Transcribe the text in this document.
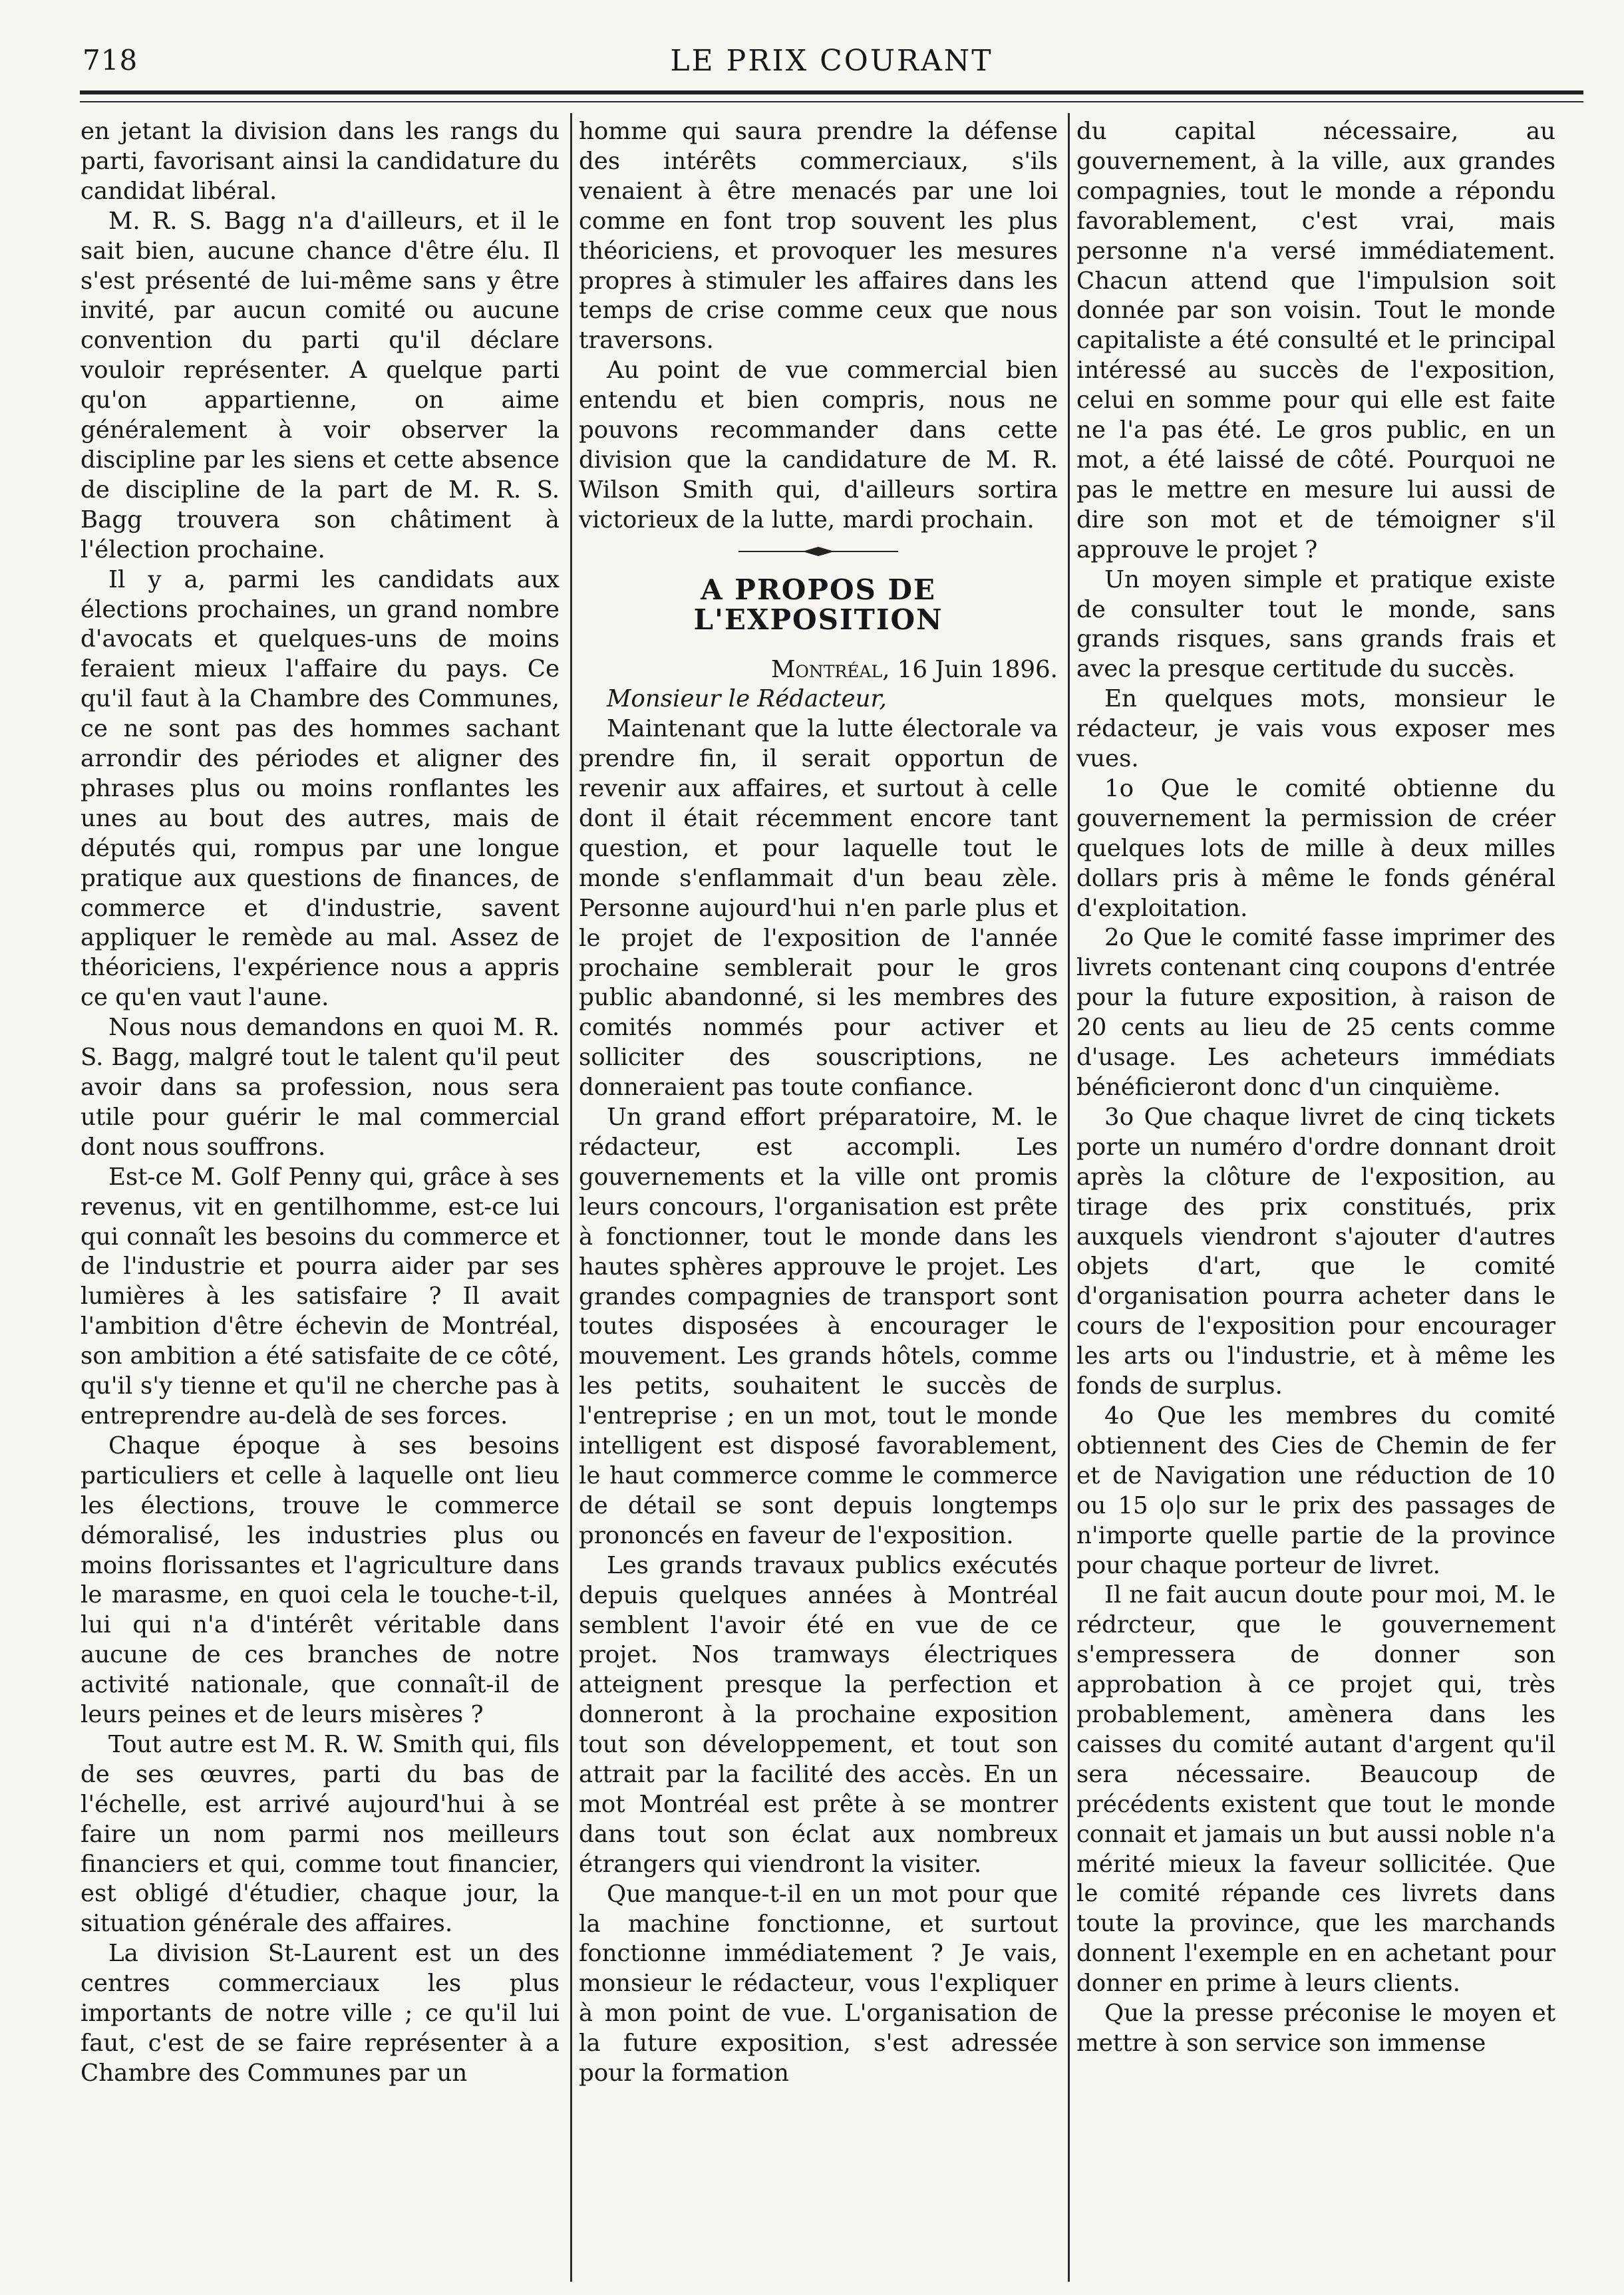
718	LE PRIX COURANT

en jetant la division dans les rangs du parti, favorisant ainsi la candidature du candidat libéral.

M. R. S. Bagg n'a d'ailleurs, et il le sait bien, aucune chance d'être élu. Il s'est présenté de lui-même sans y être invité, par aucun comité ou aucune convention du parti qu'il déclare vouloir représenter. A quelque parti qu'on appartienne, on aime généralement à voir observer la discipline par les siens et cette absence de discipline de la part de M. R. S. Bagg trouvera son châtiment à l'élection prochaine.

Il y a, parmi les candidats aux élections prochaines, un grand nombre d'avocats et quelques-uns de moins feraient mieux l'affaire du pays. Ce qu'il faut à la Chambre des Communes, ce ne sont pas des hommes sachant arrondir des périodes et aligner des phrases plus ou moins ronflantes les unes au bout des autres, mais de députés qui, rompus par une longue pratique aux questions de finances, de commerce et d'industrie, savent appliquer le remède au mal. Assez de théoriciens, l'expérience nous a appris ce qu'en vaut l'aune.

Nous nous demandons en quoi M. R. S. Bagg, malgré tout le talent qu'il peut avoir dans sa profession, nous sera utile pour guérir le mal commercial dont nous souffrons.

Est-ce M. Golf Penny qui, grâce à ses revenus, vit en gentilhomme, est-ce lui qui connaît les besoins du commerce et de l'industrie et pourra aider par ses lumières à les satisfaire ? Il avait l'ambition d'être échevin de Montréal, son ambition a été satisfaite de ce côté, qu'il s'y tienne et qu'il ne cherche pas à entreprendre au-delà de ses forces.

Chaque époque à ses besoins particuliers et celle à laquelle ont lieu les élections, trouve le commerce démoralisé, les industries plus ou moins florissantes et l'agriculture dans le marasme, en quoi cela le touche-t-il, lui qui n'a d'intérêt véritable dans aucune de ces branches de notre activité nationale, que connaît-il de leurs peines et de leurs misères ?

Tout autre est M. R. W. Smith qui, fils de ses œuvres, parti du bas de l'échelle, est arrivé aujourd'hui à se faire un nom parmi nos meilleurs financiers et qui, comme tout financier, est obligé d'étudier, chaque jour, la situation générale des affaires.

La division St-Laurent est un des centres commerciaux les plus importants de notre ville ; ce qu'il lui faut, c'est de se faire représenter à a Chambre des Communes par un

homme qui saura prendre la défense des intérêts commerciaux, s'ils venaient à être menacés par une loi comme en font trop souvent les plus théoriciens, et provoquer les mesures propres à stimuler les affaires dans les temps de crise comme ceux que nous traversons.

Au point de vue commercial bien entendu et bien compris, nous ne pouvons recommander dans cette division que la candidature de M. R. Wilson Smith qui, d'ailleurs sortira victorieux de la lutte, mardi prochain.

A PROPOS DE L'EXPOSITION

Montréal, 16 Juin 1896.

Monsieur le Rédacteur,

Maintenant que la lutte électorale va prendre fin, il serait opportun de revenir aux affaires, et surtout à celle dont il était récemment encore tant question, et pour laquelle tout le monde s'enflammait d'un beau zèle. Personne aujourd'hui n'en parle plus et le projet de l'exposition de l'année prochaine semblerait pour le gros public abandonné, si les membres des comités nommés pour activer et solliciter des souscriptions, ne donneraient pas toute confiance.

Un grand effort préparatoire, M. le rédacteur, est accompli. Les gouvernements et la ville ont promis leurs concours, l'organisation est prête à fonctionner, tout le monde dans les hautes sphères approuve le projet. Les grandes compagnies de transport sont toutes disposées à encourager le mouvement. Les grands hôtels, comme les petits, souhaitent le succès de l'entreprise ; en un mot, tout le monde intelligent est disposé favorablement, le haut commerce comme le commerce de détail se sont depuis longtemps prononcés en faveur de l'exposition.

Les grands travaux publics exécutés depuis quelques années à Montréal semblent l'avoir été en vue de ce projet. Nos tramways électriques atteignent presque la perfection et donneront à la prochaine exposition tout son développement, et tout son attrait par la facilité des accès. En un mot Montréal est prête à se montrer dans tout son éclat aux nombreux étrangers qui viendront la visiter.

Que manque-t-il en un mot pour que la machine fonctionne, et surtout fonctionne immédiatement ? Je vais, monsieur le rédacteur, vous l'expliquer à mon point de vue. L'organisation de la future exposition, s'est adressée pour la formation

du capital nécessaire, au gouvernement, à la ville, aux grandes compagnies, tout le monde a répondu favorablement, c'est vrai, mais personne n'a versé immédiatement. Chacun attend que l'impulsion soit donnée par son voisin. Tout le monde capitaliste a été consulté et le principal intéressé au succès de l'exposition, celui en somme pour qui elle est faite ne l'a pas été. Le gros public, en un mot, a été laissé de côté. Pourquoi ne pas le mettre en mesure lui aussi de dire son mot et de témoigner s'il approuve le projet ?

Un moyen simple et pratique existe de consulter tout le monde, sans grands risques, sans grands frais et avec la presque certitude du succès.

En quelques mots, monsieur le rédacteur, je vais vous exposer mes vues.

1o Que le comité obtienne du gouvernement la permission de créer quelques lots de mille à deux milles dollars pris à même le fonds général d'exploitation.

2o Que le comité fasse imprimer des livrets contenant cinq coupons d'entrée pour la future exposition, à raison de 20 cents au lieu de 25 cents comme d'usage. Les acheteurs immédiats bénéficieront donc d'un cinquième.

3o Que chaque livret de cinq tickets porte un numéro d'ordre donnant droit après la clôture de l'exposition, au tirage des prix constitués, prix auxquels viendront s'ajouter d'autres objets d'art, que le comité d'organisation pourra acheter dans le cours de l'exposition pour encourager les arts ou l'industrie, et à même les fonds de surplus.

4o Que les membres du comité obtiennent des Cies de Chemin de fer et de Navigation une réduction de 10 ou 15 o|o sur le prix des passages de n'importe quelle partie de la province pour chaque porteur de livret.

Il ne fait aucun doute pour moi, M. le rédrcteur, que le gouvernement s'empressera de donner son approbation à ce projet qui, très probablement, amènera dans les caisses du comité autant d'argent qu'il sera nécessaire. Beaucoup de précédents existent que tout le monde connait et jamais un but aussi noble n'a mérité mieux la faveur sollicitée. Que le comité répande ces livrets dans toute la province, que les marchands donnent l'exemple en en achetant pour donner en prime à leurs clients.

Que la presse préconise le moyen et mettre à son service son immense
